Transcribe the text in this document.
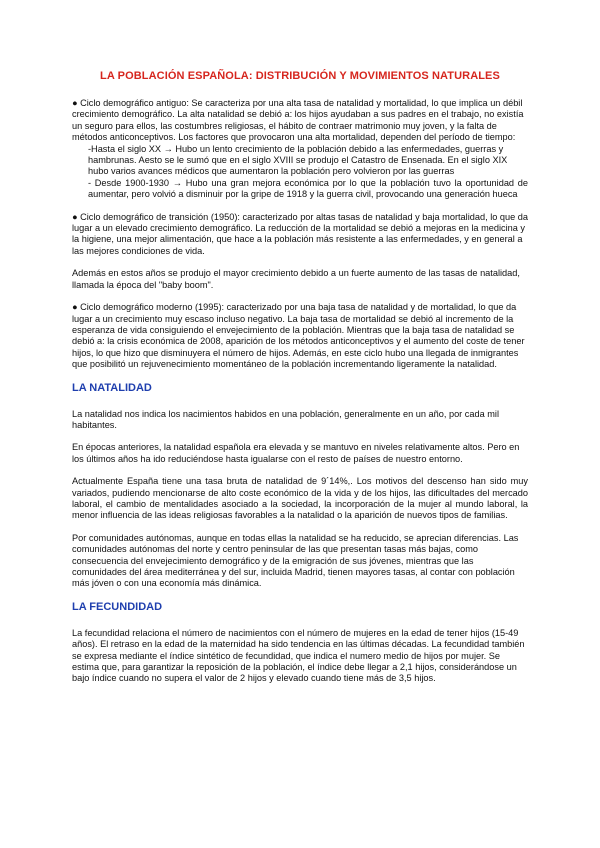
LA POBLACIÓN ESPAÑOLA: DISTRIBUCIÓN Y MOVIMIENTOS NATURALES

● Ciclo demográfico antiguo: Se caracteriza por una alta tasa de natalidad y mortalidad, lo que implica un débil crecimiento demográfico. La alta natalidad se debió a: los hijos ayudaban a sus padres en el trabajo, no existía un seguro para ellos, las costumbres religiosas, el hábito de contraer matrimonio muy joven, y la falta de métodos anticonceptivos. Los factores que provocaron una alta mortalidad, dependen del período de tiempo:

-Hasta el siglo XX → Hubo un lento crecimiento de la población debido a las enfermedades, guerras y hambrunas. Aesto se le sumó que en el siglo XVIII se produjo el Catastro de Ensenada. En el siglo XIX hubo varios avances médicos que aumentaron la población pero volvieron por las guerras

- Desde 1900-1930 → Hubo una gran mejora económica por lo que la población tuvo la oportunidad de aumentar, pero volvió a disminuir por la gripe de 1918 y la guerra civil, provocando una generación hueca

● Ciclo demográfico de transición (1950): caracterizado por altas tasas de natalidad y baja mortalidad, lo que da lugar a un elevado crecimiento demográfico. La reducción de la mortalidad se debió a mejoras en la medicina y la higiene, una mejor alimentación, que hace a la población más resistente a las enfermedades, y en general a las mejores condiciones de vida.

Además en estos años se produjo el mayor crecimiento debido a un fuerte aumento de las tasas de natalidad, llamada la época del "baby boom".

● Ciclo demográfico moderno (1995): caracterizado por una baja tasa de natalidad y de mortalidad, lo que da lugar a un crecimiento muy escaso incluso negativo. La baja tasa de mortalidad se debió al incremento de la esperanza de vida consiguiendo el envejecimiento de la población. Mientras que la baja tasa de natalidad se debió a: la crisis económica de 2008, aparición de los métodos anticonceptivos y el aumento del coste de tener hijos, lo que hizo que disminuyera el número de hijos. Además, en este ciclo hubo una llegada de inmigrantes que posibilitó un rejuvenecimiento momentáneo de la población incrementando ligeramente la natalidad.

LA NATALIDAD

La natalidad nos indica los nacimientos habidos en una población, generalmente en un año, por cada mil habitantes.

En épocas anteriores, la natalidad española era elevada y se mantuvo en niveles relativamente altos. Pero en los últimos años ha ido reduciéndose hasta igualarse con el resto de países de nuestro entorno.

Actualmente España tiene una tasa bruta de natalidad de 9´14%,. Los motivos del descenso han sido muy variados, pudiendo mencionarse de alto coste económico de la vida y de los hijos, las dificultades del mercado laboral, el cambio de mentalidades asociado a la sociedad, la incorporación de la mujer al mundo laboral, la menor influencia de las ideas religiosas favorables a la natalidad o la aparición de nuevos tipos de familias.

Por comunidades autónomas, aunque en todas ellas la natalidad se ha reducido, se aprecian diferencias. Las comunidades autónomas del norte y centro peninsular de las que presentan tasas más bajas, como consecuencia del envejecimiento demográfico y de la emigración de sus jóvenes, mientras que las comunidades del área mediterránea y del sur, incluida Madrid, tienen mayores tasas, al contar con población más jóven o con una economía más dinámica.

LA FECUNDIDAD

La fecundidad relaciona el número de nacimientos con el número de mujeres en la edad de tener hijos (15-49 años). El retraso en la edad de la maternidad ha sido tendencia en las últimas décadas. La fecundidad también se expresa mediante el índice sintético de fecundidad, que indica el numero medio de hijos por mujer. Se estima que, para garantizar la reposición de la población, el índice debe llegar a 2,1 hijos, considerándose un bajo índice cuando no supera el valor de 2 hijos y elevado cuando tiene más de 3,5 hijos.
